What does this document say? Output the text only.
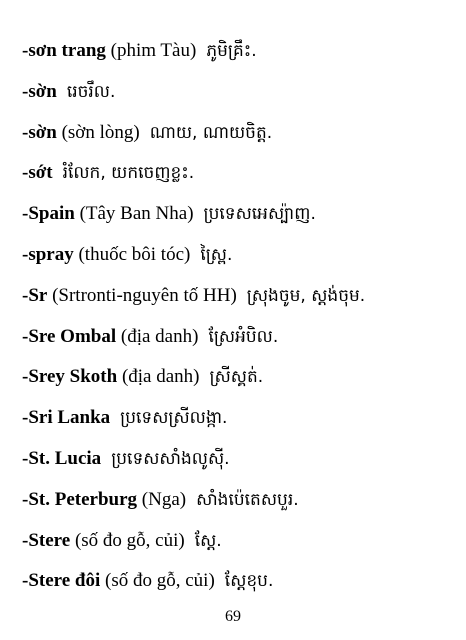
-sơn trang (phim Tàu) ភូមិគ្រឹះ.
-sờn រេចរឹល.
-sờn (sờn lòng) ណាយ, ណាយចិត្ត.
-sớt រំលែក, យកចេញខ្លះ.
-Spain (Tây Ban Nha) ប្រទេសអេស្ប៉ាញ.
-spray (thuốc bôi tóc) ស្ព្រៃ.
-Sr (Srtronti-nguyên tố HH) ស្រុងចូម, ស្តង់ចុម.
-Sre Ombal (địa danh) ស្រែអំបិល.
-Srey Skoth (địa danh) ស្រីស្គត់.
-Sri Lanka ប្រទេសស្រីលង្កា.
-St. Lucia ប្រទេសសាំងលូស៊ី.
-St. Peterburg (Nga) សាំងប៉េតេសបួរ.
-Stere (số đo gỗ, củi) ស្តែ.
-Stere đôi (số đo gỗ, củi) ស្តែខុប.
69
